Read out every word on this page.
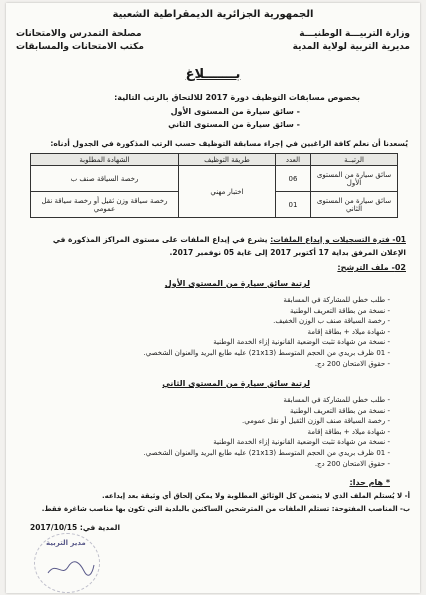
الجمهورية الجزائرية الديمقراطية الشعبية
وزارة التربيـــة الوطنيـــة
مديرية التربية لولاية المدية
مصلحة التمدرس والامتحانات
مكتب الامتحانات والمسابقات
بـــــــلاغ
بخصوص مسابقات التوظيف دورة 2017 للالتحاق بالرتب التالية:
- سائق سيارة من المستوى الأول
- سائق سيارة من المستوى الثاني
يُسعدنا أن نعلم كافة الراغبين في إجراء مسابقة التوظيف حسب الرتب المذكورة في الجدول أدناه:
الرتبــة	العدد	طريقة التوظيف	الشهادة المطلوبة
سائق سيارة من المستوى الأول	06	اختبار مهني	رخصة السياقة صنف ب
سائق سيارة من المستوى الثاني	01		رخصة سياقة وزن ثقيل أو رخصة سياقة نقل عمومي
01- فترة التسجيلات و إيداع الملفات: يشرع في إيداع الملفات على مستوى المراكز المذكورة في
الإعلان المرفق بداية 17 أكتوبر 2017 إلى غاية 05 نوفمبر 2017.
02- ملف الترشح:
لرتبة سائق سيارة من المستوى الأول
- طلب خطي للمشاركة في المسابقة
- نسخة من بطاقة التعريف الوطنية
- رخصة السياقة صنف ب الوزن الخفيف.
- شهادة ميلاد + بطاقة إقامة
- نسخة من شهادة تثبت الوضعية القانونية إزاء الخدمة الوطنية
- 01 ظرف بريدي من الحجم المتوسط (21x13) عليه طابع البريد والعنوان الشخصي.
- حقوق الامتحان 200 دج.
لرتبة سائق سيارة من المستوى الثاني
- طلب خطي للمشاركة في المسابقة
- نسخة من بطاقة التعريف الوطنية
- رخصة السياقة صنف الوزن الثقيل أو نقل عمومي.
- شهادة ميلاد + بطاقة إقامة
- نسخة من شهادة تثبت الوضعية القانونية إزاء الخدمة الوطنية
- 01 ظرف بريدي من الحجم المتوسط (21x13) عليه طابع البريد والعنوان الشخصي.
- حقوق الامتحان 200 دج.
* هام جدا:
أ- لا يُستلم الملف الذي لا يتضمن كل الوثائق المطلوبة ولا يمكن إلحاق أي وثيقة بعد إيداعه.
ب- المناصب المفتوحة: تستلم الملفات من المترشحين الساكنين بالبلدية التي تكون بها مناصب شاغرة فقط.
المدية في: 2017/10/15
مدير التربية
